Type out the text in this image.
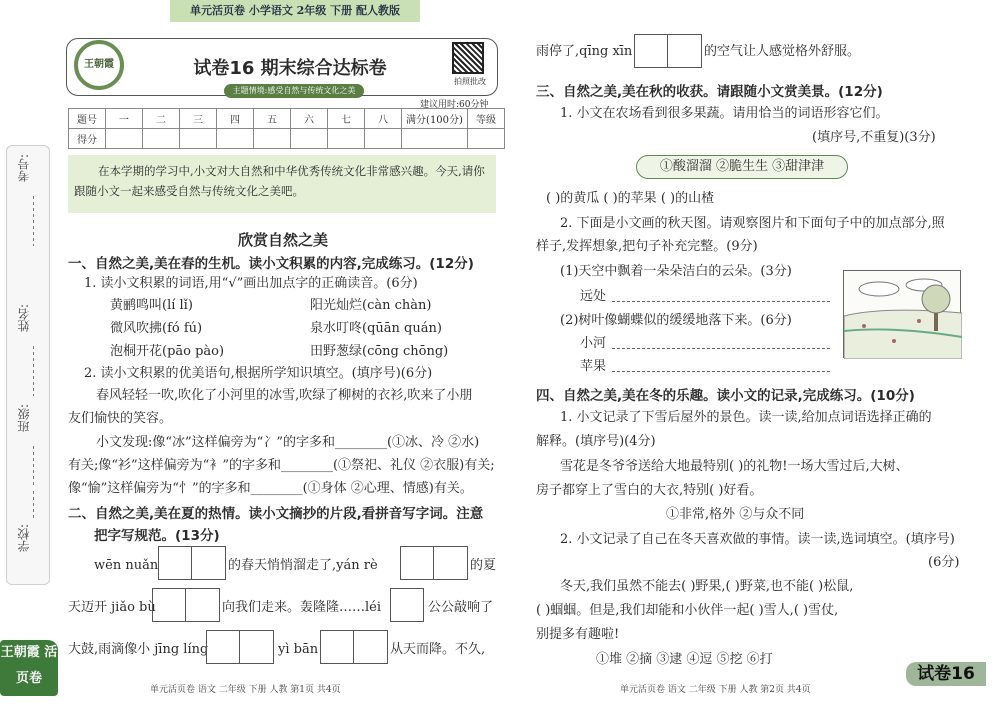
考号:
姓名:
班级:
学校:
王朝霞 活页卷
单元活页卷 小学语文 2年级 下册 配人教版
王朝霞	试卷16 期末综合达标卷
拍照批改
主题情境:感受自然与传统文化之美
建议用时:60分钟
题号	一	二	三	四	五	六	七	八	满分(100分)	等级
得分										
在本学期的学习中,小文对大自然和中华优秀传统文化非常感兴趣。今天,请你跟随小文一起来感受自然与传统文化之美吧。
欣赏自然之美
一、自然之美,美在春的生机。读小文积累的内容,完成练习。(12分)
1. 读小文积累的词语,用“√”画出加点字的正确读音。(6分)
黄鹂鸣叫(lí lǐ)	阳光灿烂(càn chàn)
微风吹拂(fó fú)	泉水叮咚(qūān quán)
泡桐开花(pāo pào)	田野葱绿(cōng chōng)
2. 读小文积累的优美语句,根据所学知识填空。(填序号)(6分)
春风轻轻一吹,吹化了小河里的冰雪,吹绿了柳树的衣衫,吹来了小朋
友们愉快的笑容。
小文发现:像“冰”这样偏旁为“冫”的字多和________(①冰、冷 ②水)
有关;像“衫”这样偏旁为“衤”的字多和________(①祭祀、礼仪 ②衣服)有关;
像“愉”这样偏旁为“忄”的字多和________(①身体 ②心理、情感)有关。
二、自然之美,美在夏的热情。读小文摘抄的片段,看拼音写字词。注意
把字写规范。(13分)
wēn nuǎn	的春天悄悄溜走了,yán rè	的夏
天迈开 jiǎo bù	向我们走来。轰隆隆……léi	公公敲响了
大鼓,雨滴像小 jīng líng	yì bān	从天而降。不久,
单元活页卷 语文 二年级 下册 人教 第1页 共4页
雨停了,qīng xīn	的空气让人感觉格外舒服。
三、自然之美,美在秋的收获。请跟随小文赏美景。(12分)
1. 小文在农场看到很多果蔬。请用恰当的词语形容它们。
(填序号,不重复)(3分)
①酸溜溜 ②脆生生 ③甜津津
( )的黄瓜 ( )的苹果 ( )的山楂
2. 下面是小文画的秋天图。请观察图片和下面句子中的加点部分,照
样子,发挥想象,把句子补充完整。(9分)
(1)天空中飘着一朵朵洁白的云朵。(3分)
远处
(2)树叶像蝴蝶似的缓缓地落下来。(6分)
小河
苹果
四、自然之美,美在冬的乐趣。读小文的记录,完成练习。(10分)
1. 小文记录了下雪后屋外的景色。读一读,给加点词语选择正确的
解释。(填序号)(4分)
雪花是冬爷爷送给大地最特别( )的礼物!一场大雪过后,大树、
房子都穿上了雪白的大衣,特别( )好看。
①非常,格外 ②与众不同
2. 小文记录了自己在冬天喜欢做的事情。读一读,选词填空。(填序号)
(6分)
冬天,我们虽然不能去( )野果,( )野菜,也不能( )松鼠,
( )蝈蝈。但是,我们却能和小伙伴一起( )雪人,( )雪仗,
别提多有趣啦!
①堆 ②摘 ③逮 ④逗 ⑤挖 ⑥打
单元活页卷 语文 二年级 下册 人教 第2页 共4页
试卷16
